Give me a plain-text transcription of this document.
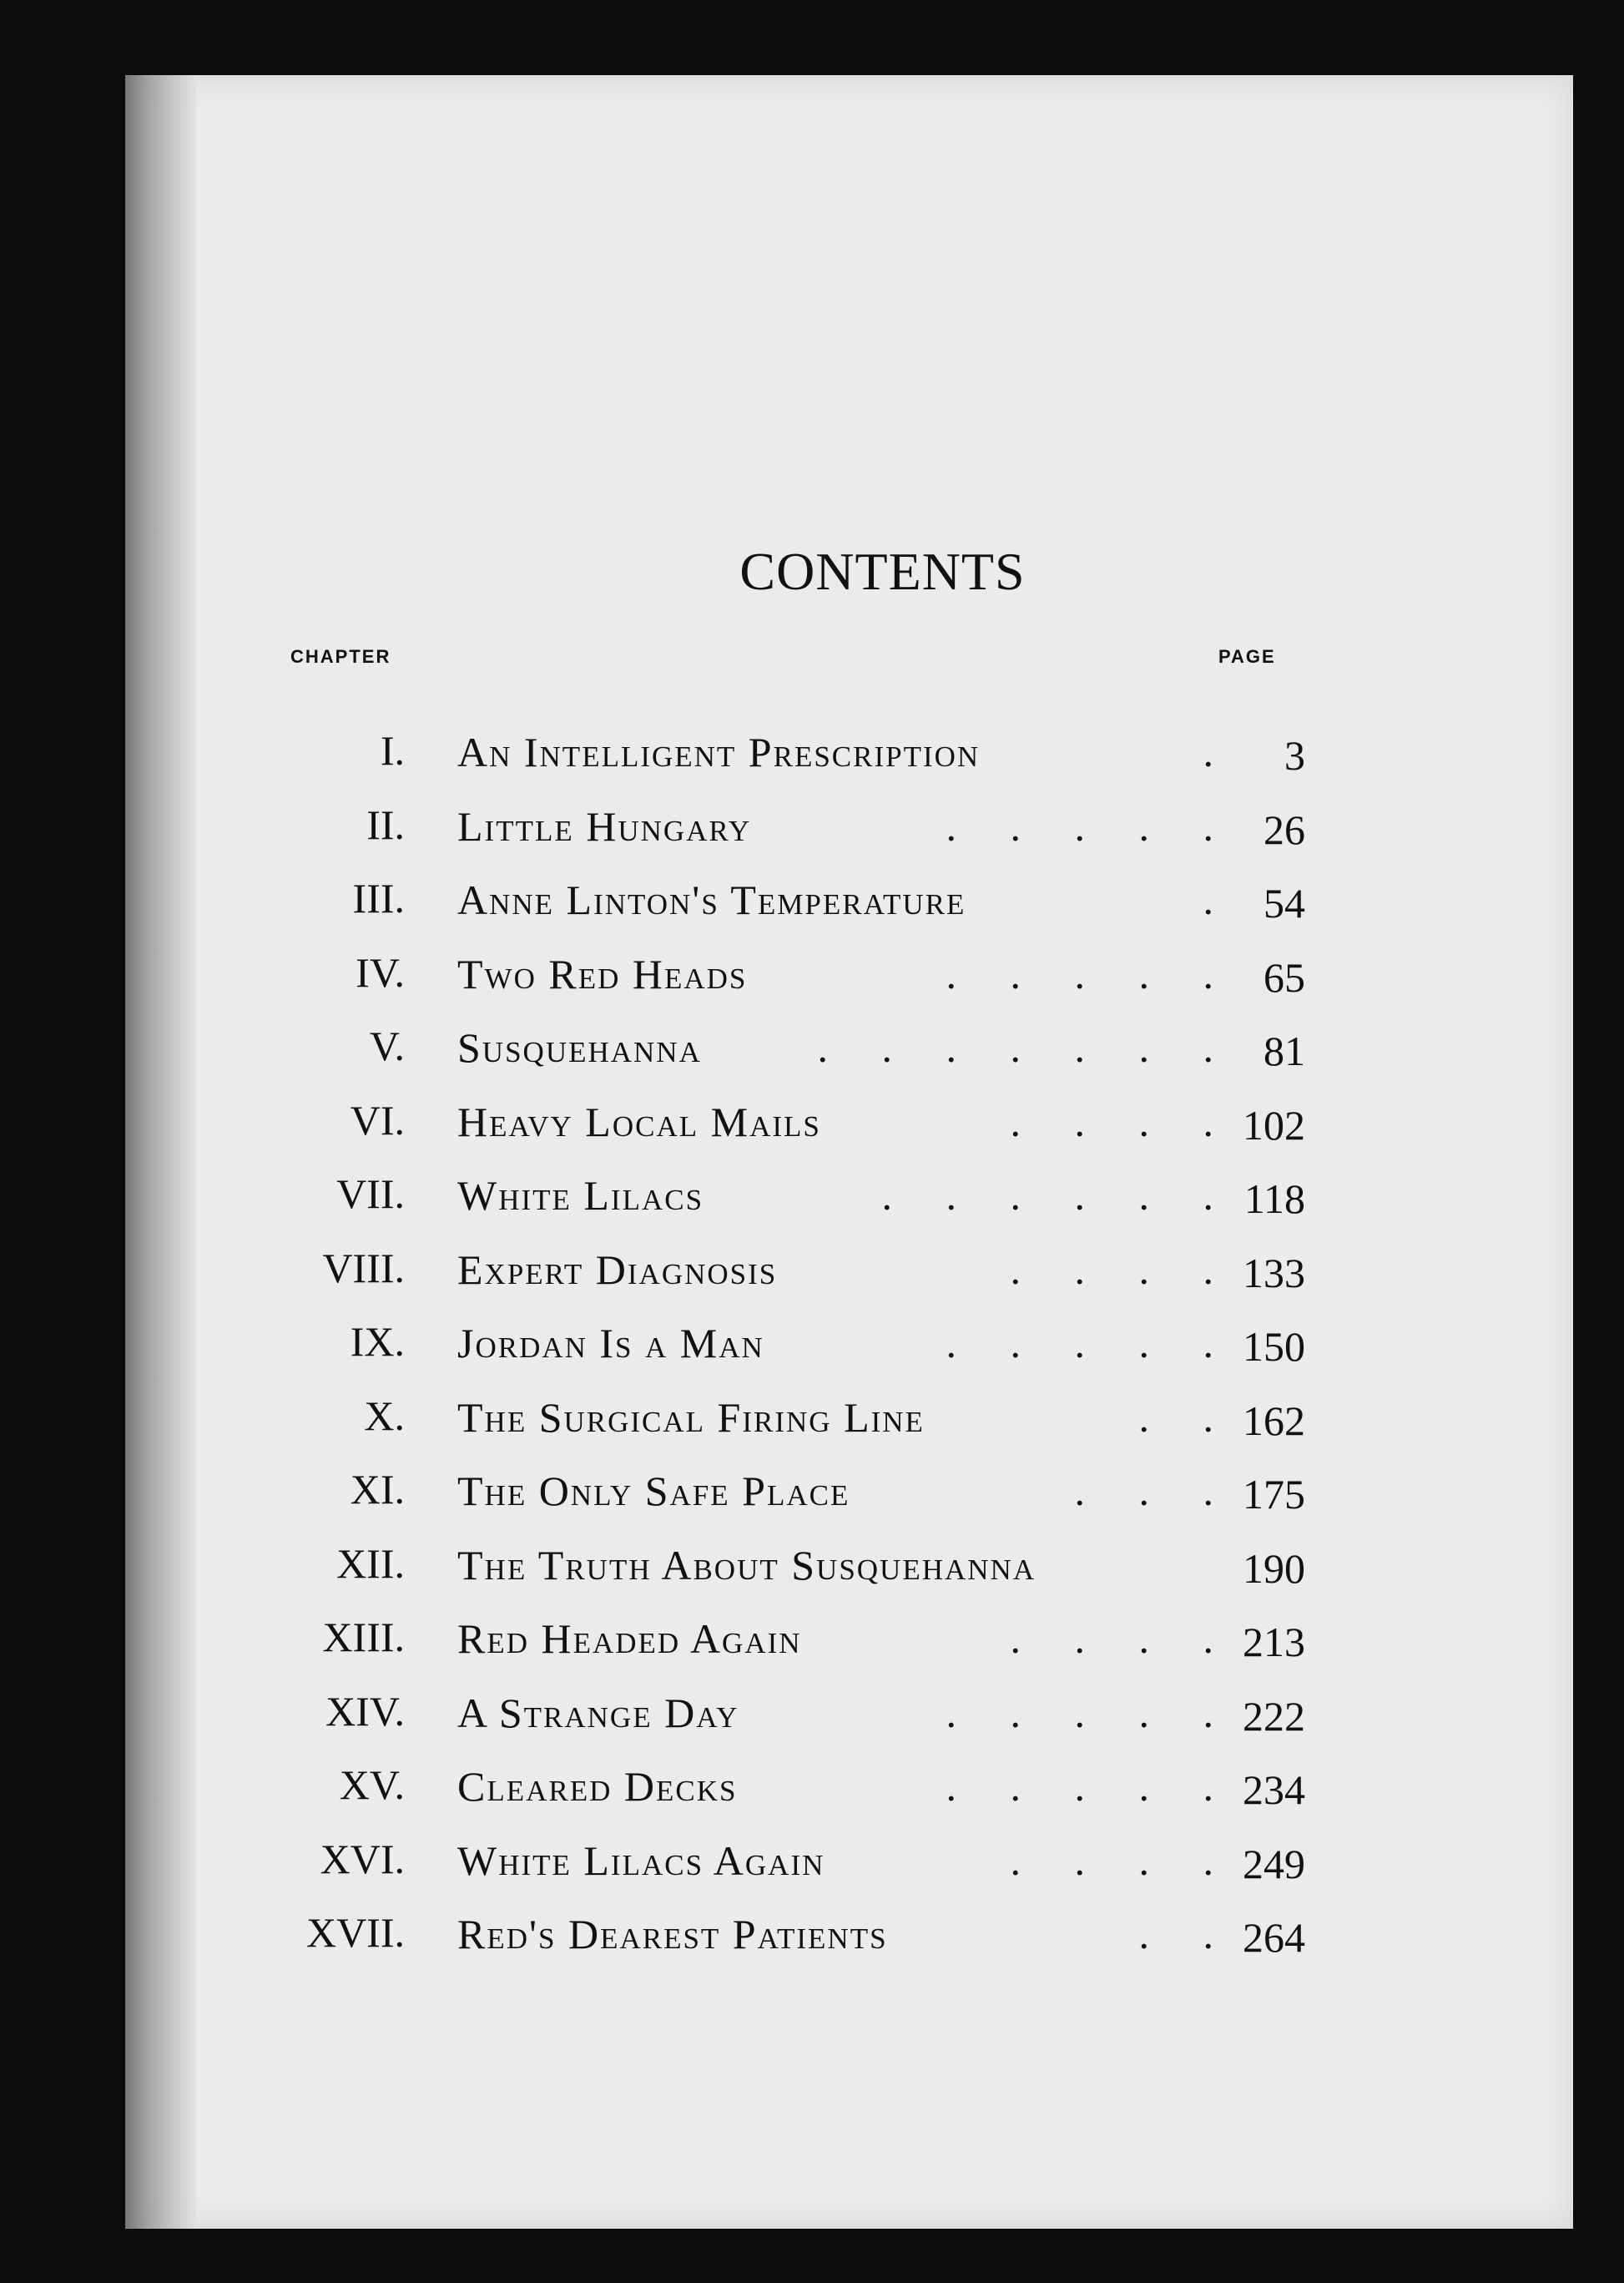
CONTENTS
CHAPTER	PAGE
I. An Intelligent Prescription	. 3
II. Little Hungary	. . . . . 26
III. Anne Linton's Temperature	. 54
IV. Two Red Heads	. . . . . 65
V. Susquehanna	. . . . . . . 81
VI. Heavy Local Mails	. . . . 102
VII. White Lilacs	. . . . . . 118
VIII. Expert Diagnosis	. . . . 133
IX. Jordan Is a Man	. . . . . 150
X. The Surgical Firing Line	. . 162
XI. The Only Safe Place	. . . 175
XII. The Truth About Susquehanna	190
XIII. Red Headed Again	. . . . 213
XIV. A Strange Day	. . . . . 222
XV. Cleared Decks	. . . . . 234
XVI. White Lilacs Again	. . . . 249
XVII. Red's Dearest Patients	. . 264
